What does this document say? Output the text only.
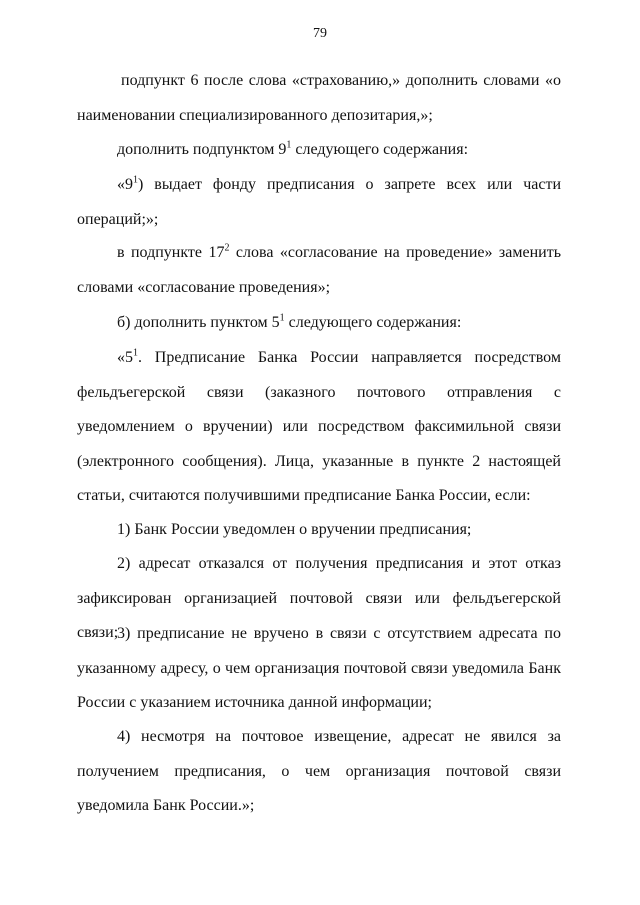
79

подпункт 6 после слова «страхованию,» дополнить словами «о наименовании специализированного депозитария,»;

дополнить подпунктом $9^1$ следующего содержания:

«$9^1$) выдает фонду предписания о запрете всех или части операций;»;

в подпункте $17^2$ слова «согласование на проведение» заменить словами «согласование проведения»;

б) дополнить пунктом $5^1$ следующего содержания:

«$5^1$. Предписание Банка России направляется посредством фельдъегерской связи (заказного почтового отправления с уведомлением о вручении) или посредством факсимильной связи (электронного сообщения). Лица, указанные в пункте 2 настоящей статьи, считаются получившими предписание Банка России, если:

1) Банк России уведомлен о вручении предписания;

2) адресат отказался от получения предписания и этот отказ зафиксирован организацией почтовой связи или фельдъегерской связи;

3) предписание не вручено в связи с отсутствием адресата по указанному адресу, о чем организация почтовой связи уведомила Банк России с указанием источника данной информации;

4) несмотря на почтовое извещение, адресат не явился за получением предписания, о чем организация почтовой связи уведомила Банк России.»;
